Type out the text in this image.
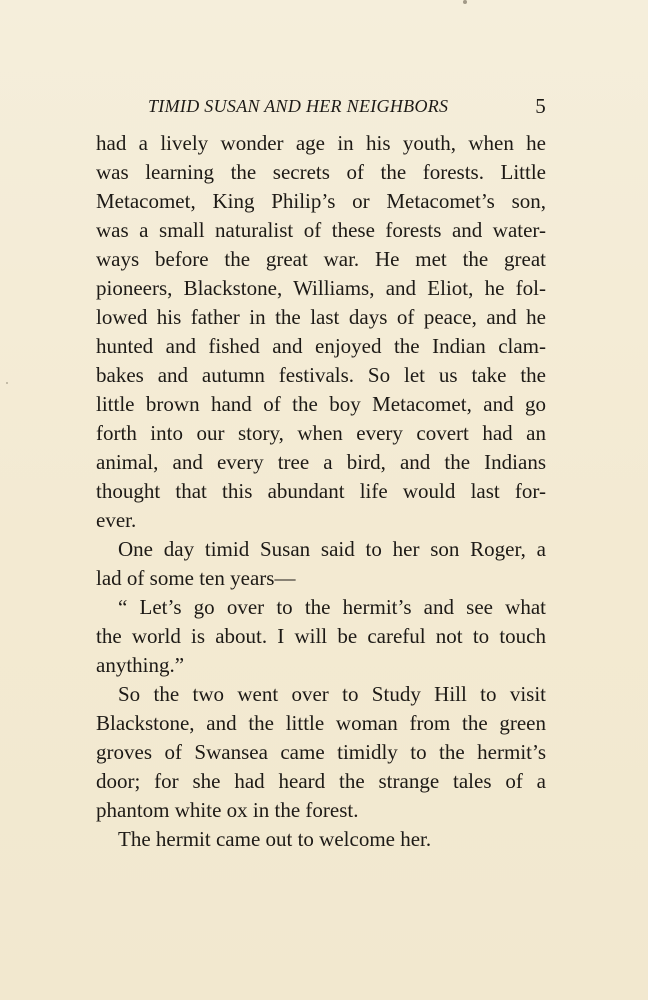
TIMID SUSAN AND HER NEIGHBORS	5
had a lively wonder age in his youth, when he
was learning the secrets of the forests. Little
Metacomet, King Philip’s or Metacomet’s son,
was a small naturalist of these forests and water-
ways before the great war. He met the great
pioneers, Blackstone, Williams, and Eliot, he fol-
lowed his father in the last days of peace, and he
hunted and fished and enjoyed the Indian clam-
bakes and autumn festivals. So let us take the
little brown hand of the boy Metacomet, and go
forth into our story, when every covert had an
animal, and every tree a bird, and the Indians
thought that this abundant life would last for-
ever.
One day timid Susan said to her son Roger, a
lad of some ten years—
“ Let’s go over to the hermit’s and see what
the world is about. I will be careful not to touch
anything.”
So the two went over to Study Hill to visit
Blackstone, and the little woman from the green
groves of Swansea came timidly to the hermit’s
door; for she had heard the strange tales of a
phantom white ox in the forest.
The hermit came out to welcome her.
